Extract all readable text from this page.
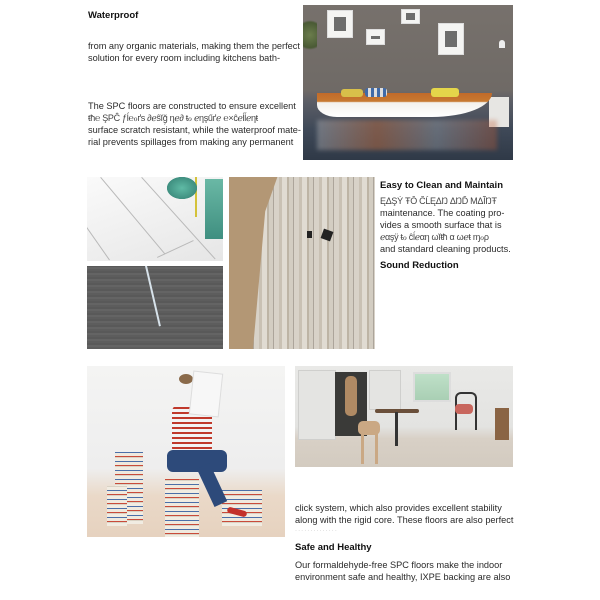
Waterproof
from any organic materials, making them the perfect
solution for every room including kitchens bath-
The SPC floors are constructed to ensure excellent
ŧħ℮ ŞΡĈ ƒĺ℮ℴґs ∂ℯŝĭğ᷊ ηℯ∂ ŧℴ ℯηşűґℯ ℮×ĉℯĺĺℯηŧ
surface scratch resistant, while the waterproof mate-
rial prevents spillages from making any permanent
Easy to Clean and Maintain
ĘΔŞẎ ŦŌ ĈĹĘΔŊ ΔŊĎ ΜΔĨŊŦ
maintenance. The coating pro-
vides a smooth surface that is
ℯαşÿ ŧℴ ĉĺℯαη ωĭŧħ α ωℯŧ ɱℴρ
and standard cleaning products.
Sound Reduction
click system, which also provides excellent stability
along with the rigid core. These floors are also perfect
· · · · · · · · · · · · · ·
Safe and Healthy
Our formaldehyde-free SPC floors make the indoor
environment safe and healthy, IXPE backing are also
